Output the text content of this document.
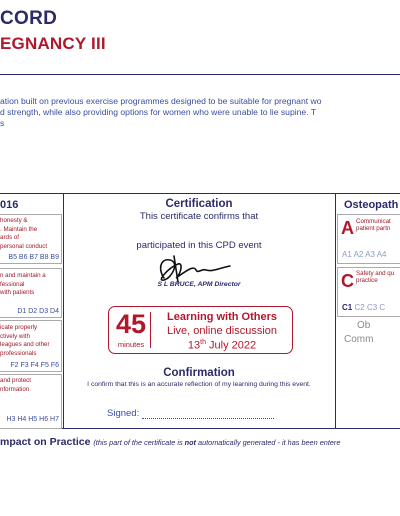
CORD
EGNANCY III
ation built on previous exercise programmes designed to be suitable for pregnant wo
d strength, while also providing options for women who were unable to lie supine. T
s
016
honesty &
. Maintain the
ards of
personal conduct
B5 B6 B7 B8 B9
n and maintain a
fessional
with patients
D1 D2 D3 D4
icate properly
ctively with
leagues and other
professionals
F2 F3 F4 F5 F6
and protect
nformation
H3 H4 H5 H6 H7
Certification
This certificate confirms that
participated in this CPD event
S L BRUCE, APM Director
45
minutes
Learning with Others
Live, online discussion
13th July 2022
Confirmation
I confirm that this is an accurate reflection of my learning during this event.
Signed:
Osteopath
A Communicat
patient partn
A1 A2 A3 A4
C Safety and qu
practice
C1 C2 C3 C
Ob
Comm
mpact on Practice (this part of the certificate is not automatically generated - it has been entere
